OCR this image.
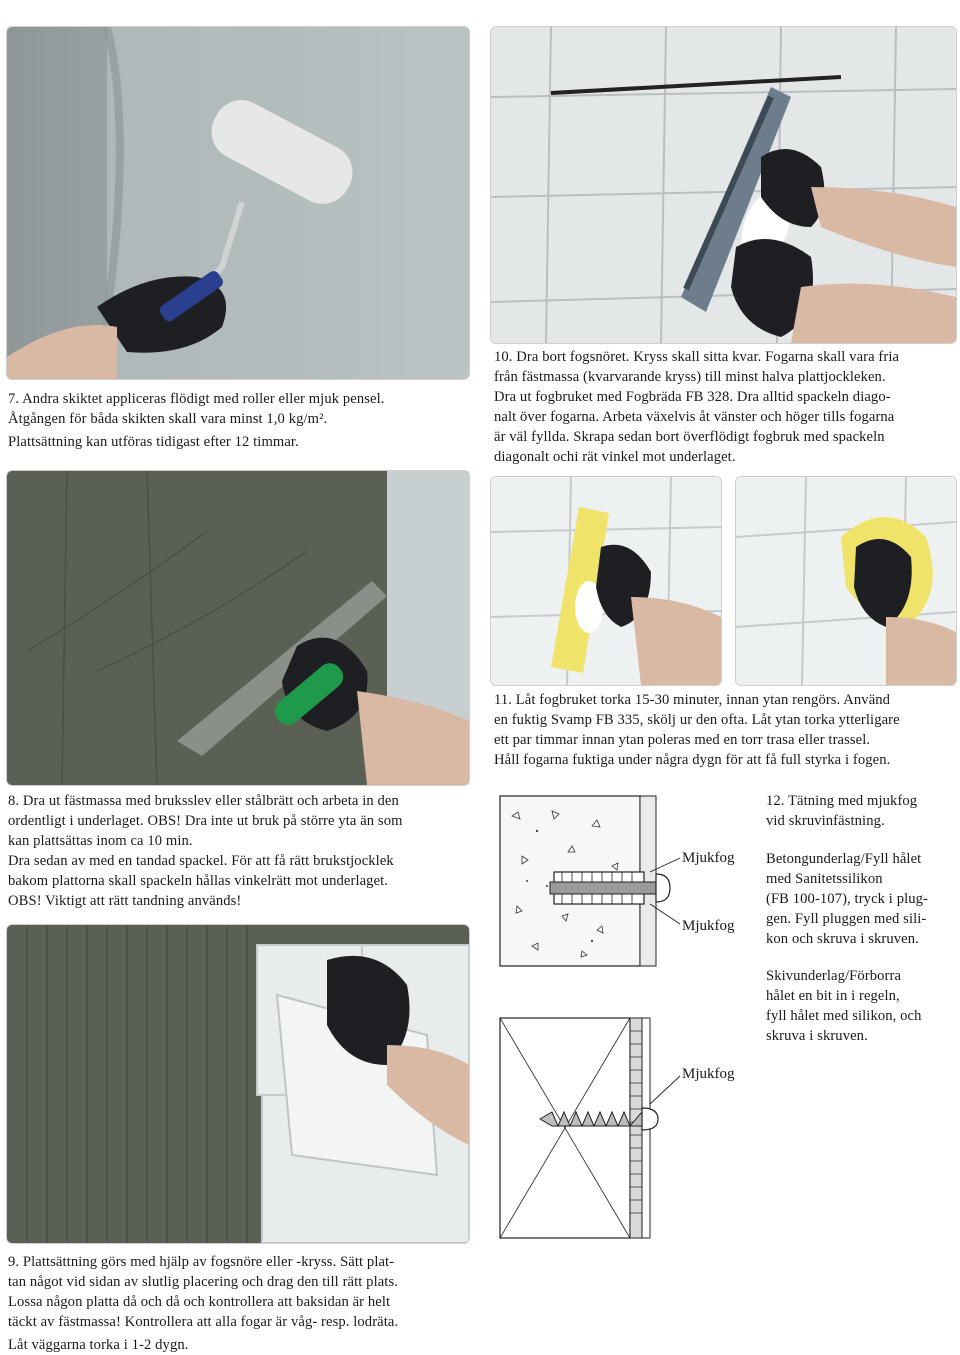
7. Andra skiktet appliceras flödigt med roller eller mjuk pensel.

Åtgången för båda skikten skall vara minst 1,0 kg/m².

Plattsättning kan utföras tidigast efter 12 timmar.

10. Dra bort fogsnöret. Kryss skall sitta kvar. Fogarna skall vara fria

från fästmassa (kvarvarande kryss) till minst halva plattjockleken.

Dra ut fogbruket med Fogbräda FB 328. Dra alltid spackeln diago-

nalt över fogarna. Arbeta växelvis åt vänster och höger tills fogarna

är väl fyllda. Skrapa sedan bort överflödigt fogbruk med spackeln

diagonalt ochi rät vinkel mot underlaget.

11. Låt fogbruket torka 15-30 minuter, innan ytan rengörs. Använd

en fuktig Svamp FB 335, skölj ur den ofta. Låt ytan torka ytterligare

ett par timmar innan ytan poleras med en torr trasa eller trassel.

Håll fogarna fuktiga under några dygn för att få full styrka i fogen.

8. Dra ut fästmassa med bruksslev eller stålbrätt och arbeta in den

ordentligt i underlaget. OBS! Dra inte ut bruk på större yta än som

kan plattsättas inom ca 10 min.

Dra sedan av med en tandad spackel. För att få rätt brukstjocklek

bakom plattorna skall spackeln hållas vinkelrätt mot underlaget.

OBS! Viktigt att rätt tandning används!

Mjukfog
Mjukfog
Mjukfog

12. Tätning med mjukfog

vid skruvinfästning.

Betongunderlag/Fyll hålet

med Sanitetssilikon

(FB 100-107), tryck i plug-

gen. Fyll pluggen med sili-

kon och skruva i skruven.

Skivunderlag/Förborra

hålet en bit in i regeln,

fyll hålet med silikon, och

skruva i skruven.

9. Plattsättning görs med hjälp av fogsnöre eller -kryss. Sätt plat-

tan något vid sidan av slutlig placering och drag den till rätt plats.

Lossa någon platta då och då och kontrollera att baksidan är helt

täckt av fästmassa! Kontrollera att alla fogar är våg- resp. lodräta.

Låt väggarna torka i 1-2 dygn.
